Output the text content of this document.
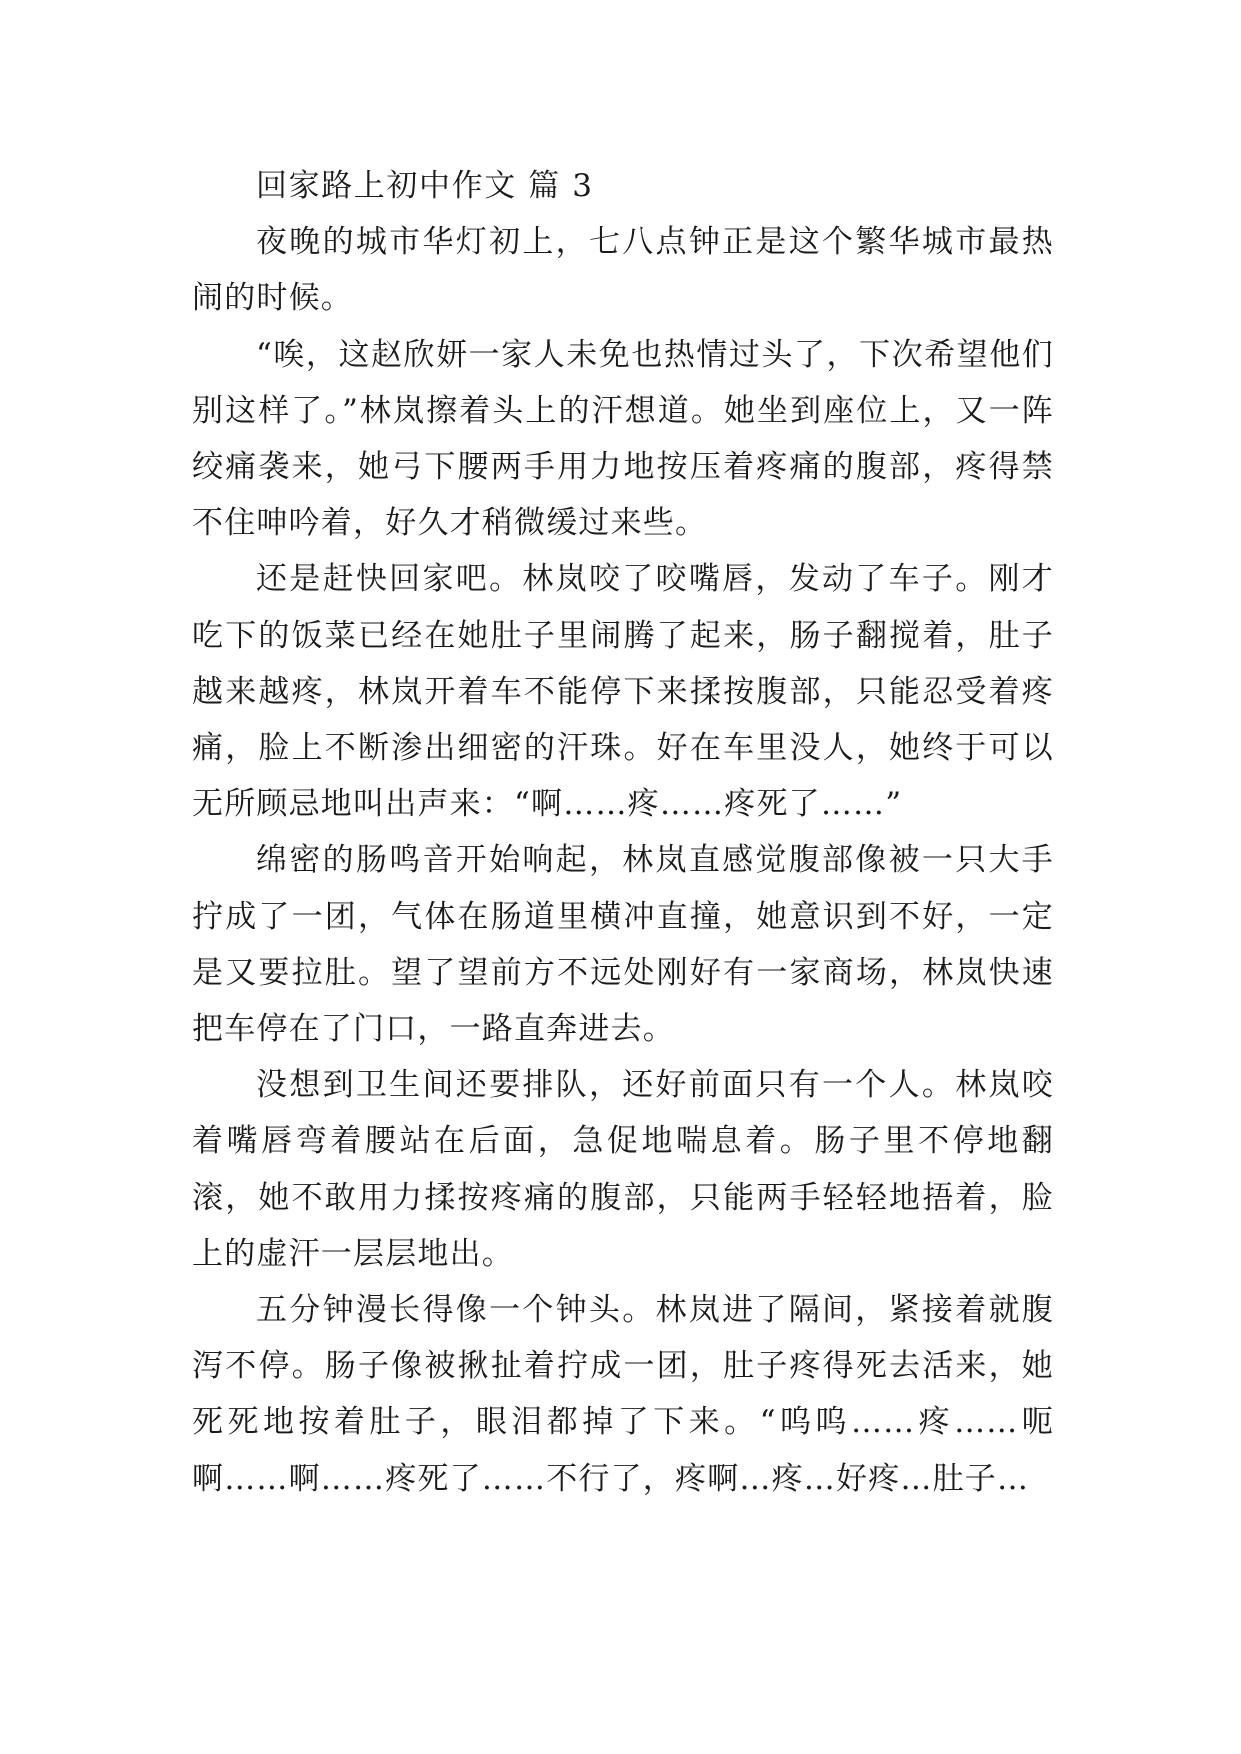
回家路上初中作文 篇 3

夜晚的城市华灯初上，七八点钟正是这个繁华城市最热闹的时候。

“唉，这赵欣妍一家人未免也热情过头了，下次希望他们别这样了。”林岚擦着头上的汗想道。她坐到座位上，又一阵绞痛袭来，她弓下腰两手用力地按压着疼痛的腹部，疼得禁不住呻吟着，好久才稍微缓过来些。

还是赶快回家吧。林岚咬了咬嘴唇，发动了车子。刚才吃下的饭菜已经在她肚子里闹腾了起来，肠子翻搅着，肚子越来越疼，林岚开着车不能停下来揉按腹部，只能忍受着疼痛，脸上不断渗出细密的汗珠。好在车里没人，她终于可以无所顾忌地叫出声来：“啊……疼……疼死了……”

绵密的肠鸣音开始响起，林岚直感觉腹部像被一只大手拧成了一团，气体在肠道里横冲直撞，她意识到不好，一定是又要拉肚。望了望前方不远处刚好有一家商场，林岚快速把车停在了门口，一路直奔进去。

没想到卫生间还要排队，还好前面只有一个人。林岚咬着嘴唇弯着腰站在后面，急促地喘息着。肠子里不停地翻滚，她不敢用力揉按疼痛的腹部，只能两手轻轻地捂着，脸上的虚汗一层层地出。

五分钟漫长得像一个钟头。林岚进了隔间，紧接着就腹泻不停。肠子像被揪扯着拧成一团，肚子疼得死去活来，她死死地按着肚子，眼泪都掉了下来。“呜呜……疼……呃啊……啊……疼死了……不行了，疼啊…疼…好疼…肚子…
